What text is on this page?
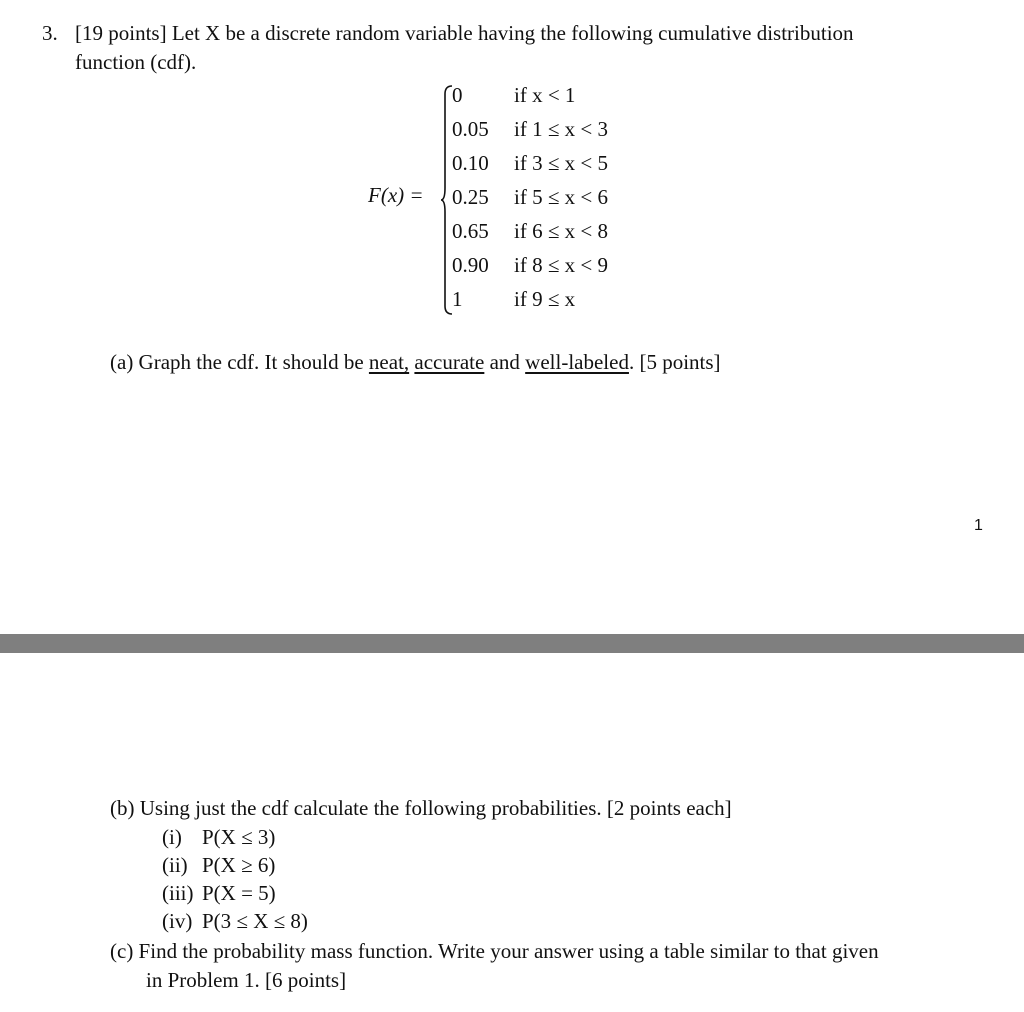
3. [19 points] Let X be a discrete random variable having the following cumulative distribution
function (cdf).
F(x) =
0 if x < 1
0.05 if 1 ≤ x < 3
0.10 if 3 ≤ x < 5
0.25 if 5 ≤ x < 6
0.65 if 6 ≤ x < 8
0.90 if 8 ≤ x < 9
1 if 9 ≤ x
(a) Graph the cdf. It should be neat, accurate and well-labeled. [5 points]
1
(b) Using just the cdf calculate the following probabilities. [2 points each]
(i) P(X ≤ 3)
(ii) P(X ≥ 6)
(iii) P(X = 5)
(iv) P(3 ≤ X ≤ 8)
(c) Find the probability mass function. Write your answer using a table similar to that given
in Problem 1. [6 points]
